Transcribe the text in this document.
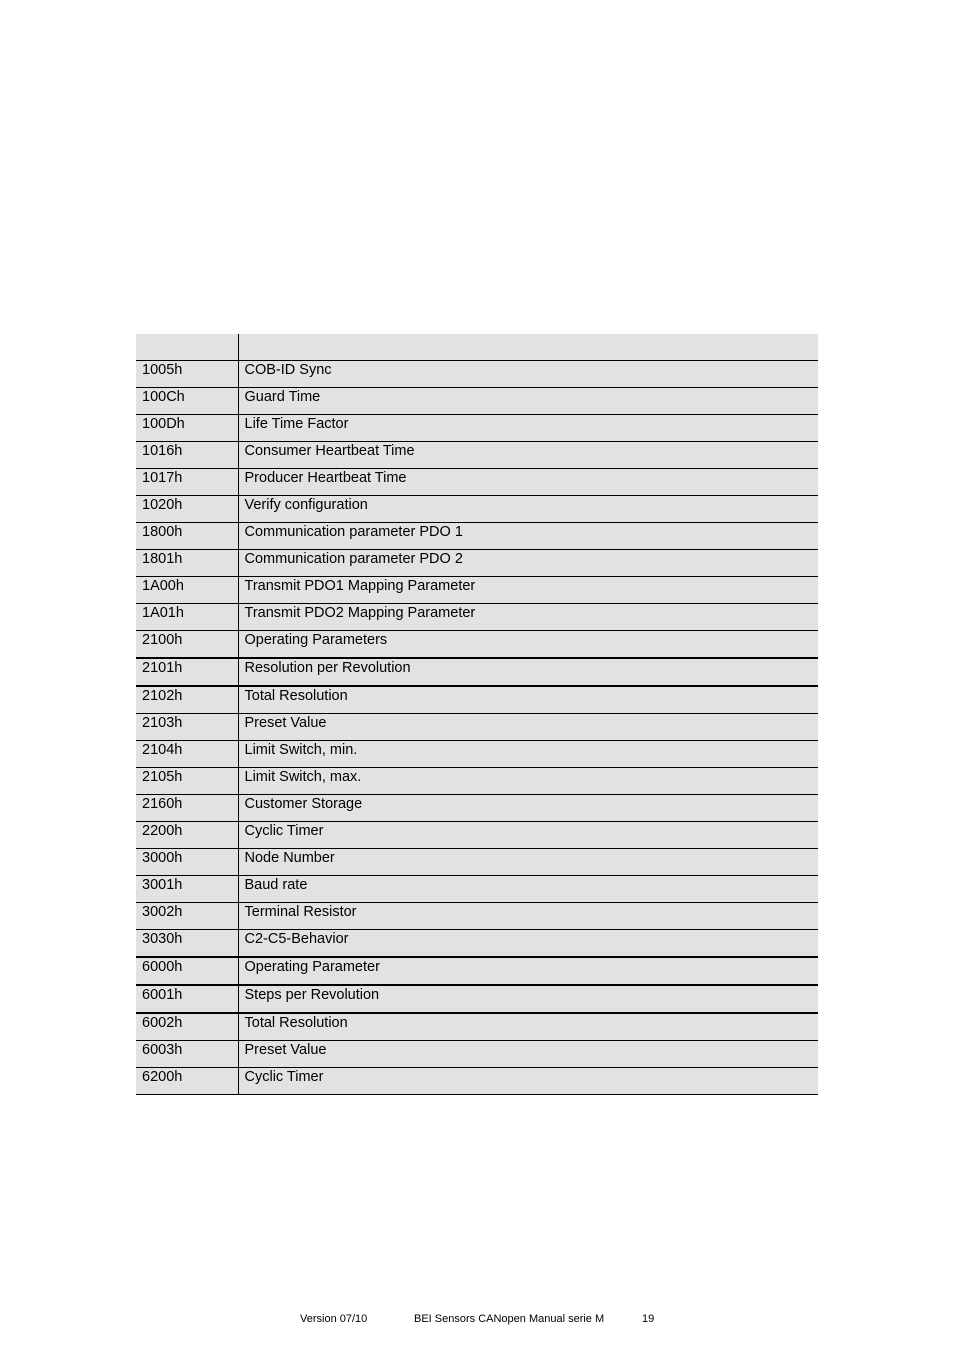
1005h	COB-ID Sync
100Ch	Guard Time
100Dh	Life Time Factor
1016h	Consumer Heartbeat Time
1017h	Producer Heartbeat Time
1020h	Verify configuration
1800h	Communication parameter PDO 1
1801h	Communication parameter PDO 2
1A00h	Transmit PDO1 Mapping Parameter
1A01h	Transmit PDO2 Mapping Parameter
2100h	Operating Parameters
2101h	Resolution per Revolution
2102h	Total Resolution
2103h	Preset Value
2104h	Limit Switch, min.
2105h	Limit Switch, max.
2160h	Customer Storage
2200h	Cyclic Timer
3000h	Node Number
3001h	Baud rate
3002h	Terminal Resistor
3030h	C2-C5-Behavior
6000h	Operating Parameter
6001h	Steps per Revolution
6002h	Total Resolution
6003h	Preset Value
6200h	Cyclic Timer
Version 07/10	BEI Sensors CANopen Manual serie M	19
